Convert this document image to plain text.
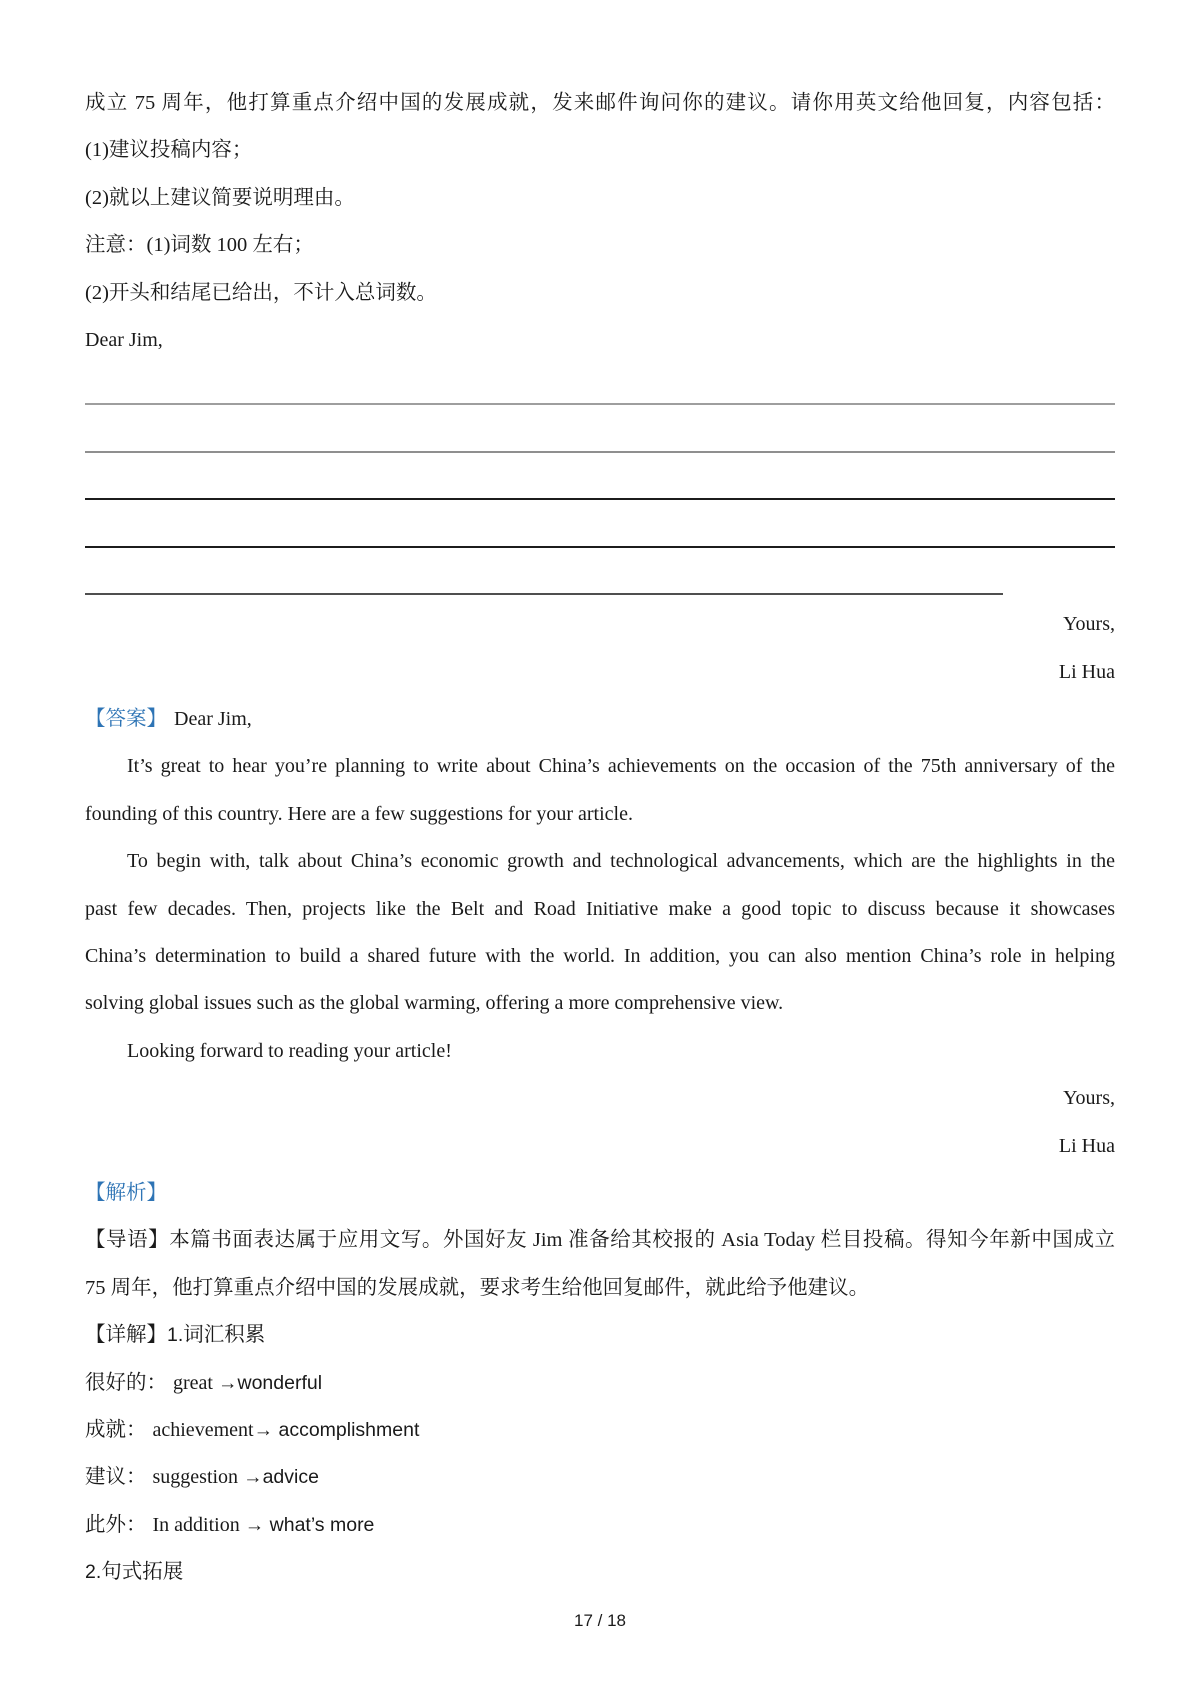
成立 75 周年，他打算重点介绍中国的发展成就，发来邮件询问你的建议。请你用英文给他回复，内容包括：
(1)建议投稿内容；
(2)就以上建议简要说明理由。
注意：(1)词数 100 左右；
(2)开头和结尾已给出，不计入总词数。
Dear Jim,
Yours,
Li Hua
【答案】 Dear Jim,
It’s great to hear you’re planning to write about China’s achievements on the occasion of the 75th anniversary of the
founding of this country. Here are a few suggestions for your article.
To begin with, talk about China’s economic growth and technological advancements, which are the highlights in the
past few decades. Then, projects like the Belt and Road Initiative make a good topic to discuss because it showcases
China’s determination to build a shared future with the world. In addition, you can also mention China’s role in helping
solving global issues such as the global warming, offering a more comprehensive view.
Looking forward to reading your article!
Yours,
Li Hua
【解析】
【导语】本篇书面表达属于应用文写。外国好友 Jim 准备给其校报的 Asia Today 栏目投稿。得知今年新中国成立
75 周年，他打算重点介绍中国的发展成就，要求考生给他回复邮件，就此给予他建议。
【详解】1.词汇积累
很好的： great →wonderful
成就： achievement→ accomplishment
建议： suggestion →advice
此外： In addition → what’s more
2.句式拓展
17 / 18
